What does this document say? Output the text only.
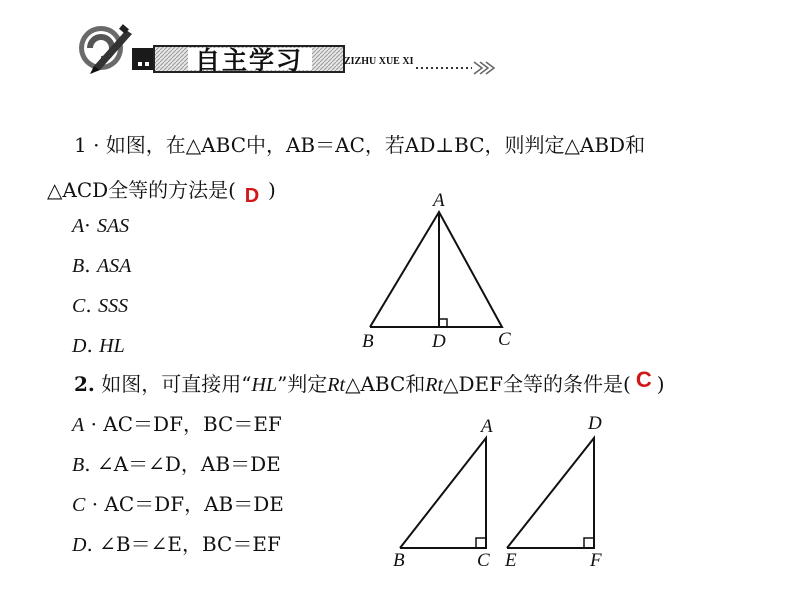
自主学习	ZIZHU XUE XI
1 · 如图，在△ABC中，AB＝AC，若AD⊥BC，则判定△ABD和
△ACD全等的方法是( D )
A· SAS
B. ASA
C. SSS
D. HL
A
B	D	C
2. 如图，可直接用“HL”判定Rt△ABC和Rt△DEF全等的条件是( C )
A · AC＝DF，BC＝EF
B. ∠A＝∠D，AB＝DE
C · AC＝DF，AB＝DE
D. ∠B＝∠E，BC＝EF
A	D
B	C E	F
